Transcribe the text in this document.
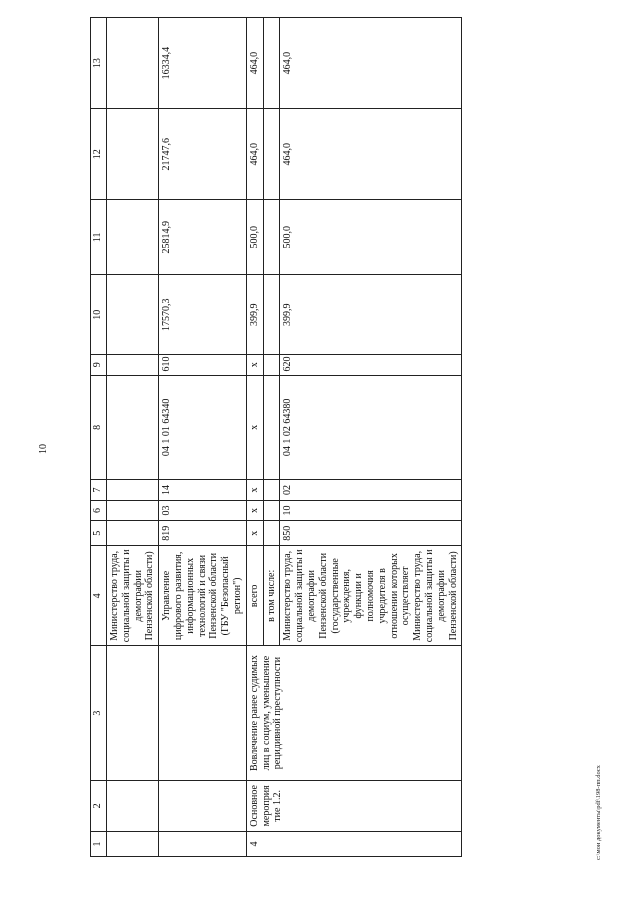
10
1	2	3	4	5	6	7	8	9	10	11	12	13
			Министерство труда, социальной защиты и демографии Пензенской области)									
			Управление цифрового развития, информационных технологий и связи Пензенской области (ГБУ "Безопасный регион")	819	03	14	04 1 01 64340	610	17570,3	25814,9	21747,6	16334,4
4	Основное мероприятие 1.2.	Вовлечение ранее судимых лиц в социум, уменьшение рецидивной преступности	всего	x	x	x	x	x	399,9	500,0	464,0	464,0
			в том числе:									
			Министерство труда, социальной защиты и демографии Пензенской области (государственные учреждения, функции и полномочия учредителя в отношении которых осуществляет Министерство труда, социальной защиты и демографии Пензенской области)	850	10	02	04 1 02 64380	620	399,9	500,0	464,0	464,0
c:\мои документы\pdf\198-пп.docx
